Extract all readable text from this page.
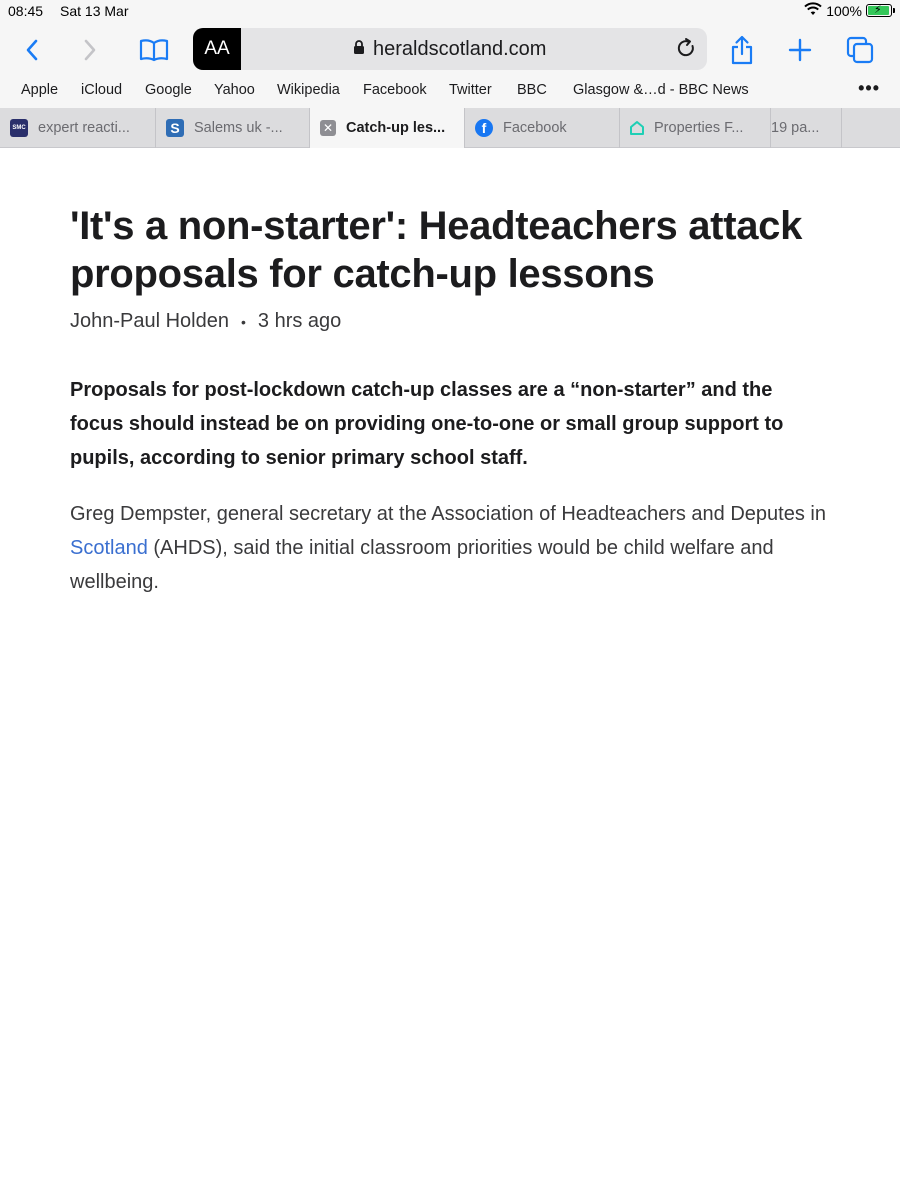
08:45 Sat 13 Mar	100% ⚡
AA	heraldscotland.com
Apple iCloud Google Yahoo Wikipedia Facebook Twitter BBC Glasgow &…d - BBC News	•••
SMC expert reacti...	S Salems uk -...	✕ Catch-up les...	f	Facebook	Properties F... 19 pa...
'It's a non-starter': Headteachers attack proposals for catch-up lessons
John-Paul Holden • 3 hrs ago

Proposals for post-lockdown catch-up classes are a “non-starter” and the focus should instead be on providing one-to-one or small group support to pupils, according to senior primary school staff.

Greg Dempster, general secretary at the Association of Headteachers and Deputes in Scotland (AHDS), said the initial classroom priorities would be child welfare and wellbeing.
